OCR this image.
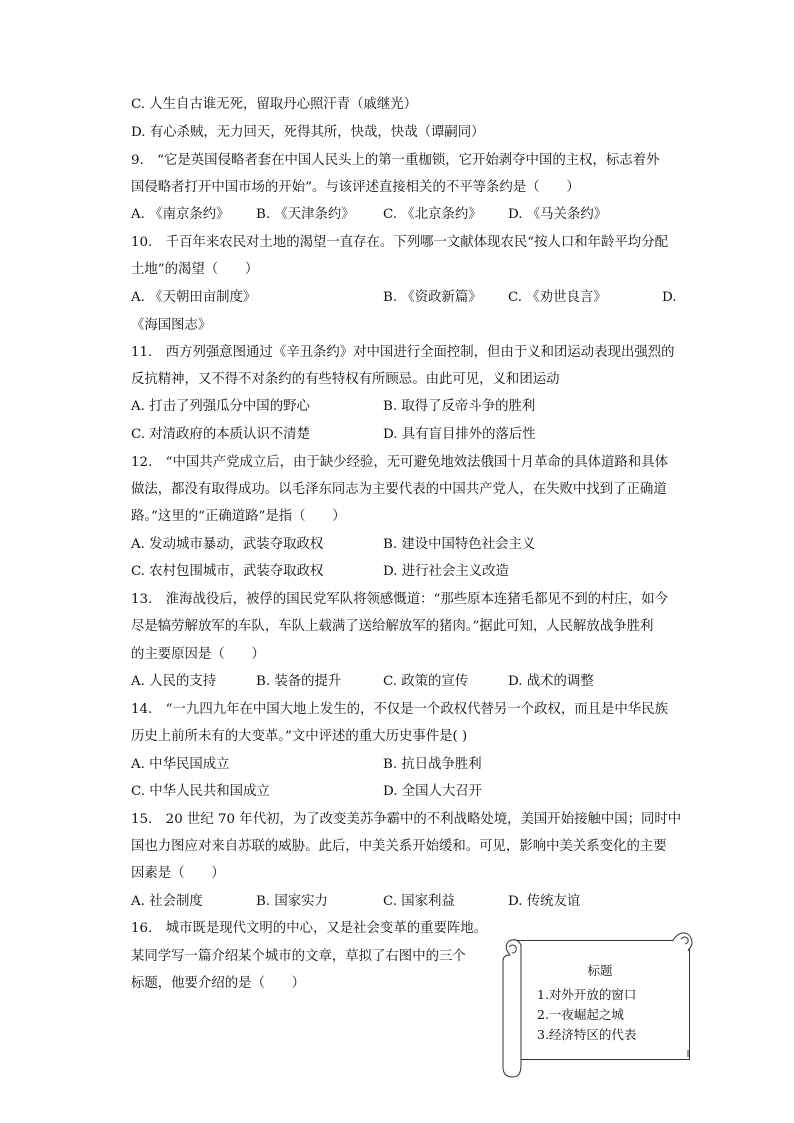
C. 人生自古谁无死，留取丹心照汗青（戚继光）
D. 有心杀贼，无力回天，死得其所，快哉，快哉（谭嗣同）
9.　“它是英国侵略者套在中国人民头上的第一重枷锁，它开始剥夺中国的主权，标志着外
国侵略者打开中国市场的开始”。与该评述直接相关的不平等条约是（　　）
A. 《南京条约》 B. 《天津条约》 C. 《北京条约》 D. 《马关条约》
10.　千百年来农民对土地的渴望一直存在。下列哪一文献体现农民“按人口和年龄平均分配
土地”的渴望（　　）
A. 《天朝田亩制度》	B. 《资政新篇》 C. 《劝世良言》	D.
《海国图志》
11.　西方列强意图通过《辛丑条约》对中国进行全面控制，但由于义和团运动表现出强烈的
反抗精神，又不得不对条约的有些特权有所顾忌。由此可见，义和团运动
A. 打击了列强瓜分中国的野心	B. 取得了反帝斗争的胜利
C. 对清政府的本质认识不清楚	D. 具有盲目排外的落后性
12.　“中国共产党成立后，由于缺少经验，无可避免地效法俄国十月革命的具体道路和具体
做法，都没有取得成功。以毛泽东同志为主要代表的中国共产党人，在失败中找到了正确道
路。”这里的“正确道路”是指（　　）
A. 发动城市暴动，武装夺取政权	B. 建设中国特色社会主义
C. 农村包围城市，武装夺取政权	D. 进行社会主义改造
13.　淮海战役后，被俘的国民党军队将领感慨道：“那些原本连猪毛都见不到的村庄，如今
尽是犒劳解放军的车队，车队上载满了送给解放军的猪肉。”据此可知，人民解放战争胜利
的主要原因是（　　）
A. 人民的支持	B. 装备的提升	C. 政策的宣传	D. 战术的调整
14.　“一九四九年在中国大地上发生的，不仅是一个政权代替另一个政权，而且是中华民族
历史上前所未有的大变革。”文中评述的重大历史事件是( )
A. 中华民国成立	B. 抗日战争胜利
C. 中华人民共和国成立	D. 全国人大召开
15.　20 世纪 70 年代初，为了改变美苏争霸中的不利战略处境，美国开始接触中国；同时中
国也力图应对来自苏联的威胁。此后，中美关系开始缓和。可见，影响中美关系变化的主要
因素是（　　）
A. 社会制度	B. 国家实力	C. 国家利益	D. 传统友谊
16.　城市既是现代文明的中心，又是社会变革的重要阵地。
某同学写一篇介绍某个城市的文章，草拟了右图中的三个
标题，他要介绍的是（　　）
标题
1.对外开放的窗口
2.一夜崛起之城
3.经济特区的代表
